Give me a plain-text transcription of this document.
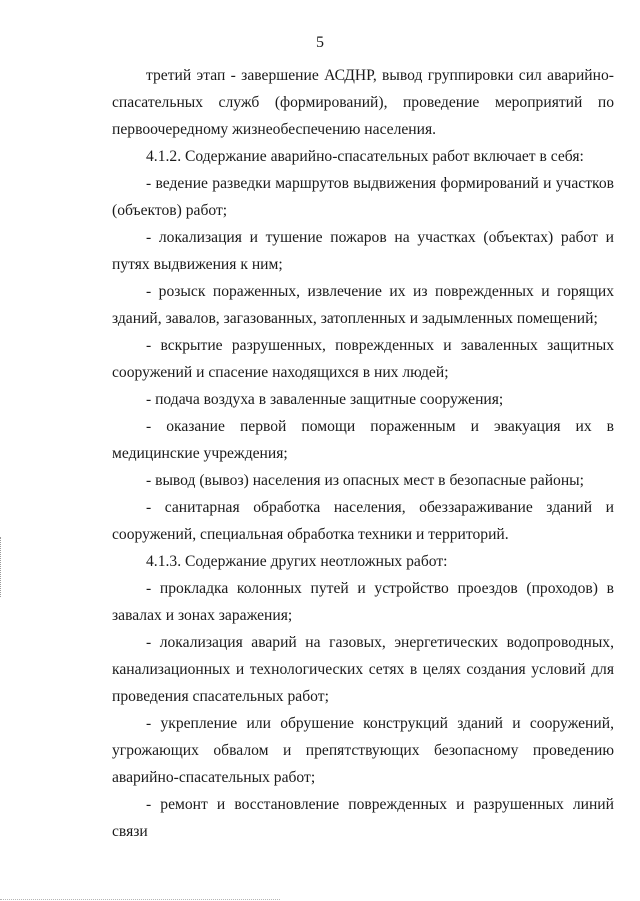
5

третий этап - завершение АСДНР, вывод группировки сил аварийно-спасательных служб (формирований), проведение мероприятий по первоочередному жизнеобеспечению населения.

4.1.2. Содержание аварийно-спасательных работ включает в себя:

- ведение разведки маршрутов выдвижения формирований и участков (объектов) работ;

- локализация и тушение пожаров на участках (объектах) работ и путях выдвижения к ним;

- розыск пораженных, извлечение их из поврежденных и горящих зданий, завалов, загазованных, затопленных и задымленных помещений;

- вскрытие разрушенных, поврежденных и заваленных защитных сооружений и спасение находящихся в них людей;

- подача воздуха в заваленные защитные сооружения;

- оказание первой помощи пораженным и эвакуация их в медицинские учреждения;

- вывод (вывоз) населения из опасных мест в безопасные районы;

- санитарная обработка населения, обеззараживание зданий и сооружений, специальная обработка техники и территорий.

4.1.3. Содержание других неотложных работ:

- прокладка колонных путей и устройство проездов (проходов) в завалах и зонах заражения;

- локализация аварий на газовых, энергетических водопроводных, канализационных и технологических сетях в целях создания условий для проведения спасательных работ;

- укрепление или обрушение конструкций зданий и сооружений, угрожающих обвалом и препятствующих безопасному проведению аварийно-спасательных работ;

- ремонт и восстановление поврежденных и разрушенных линий связи
